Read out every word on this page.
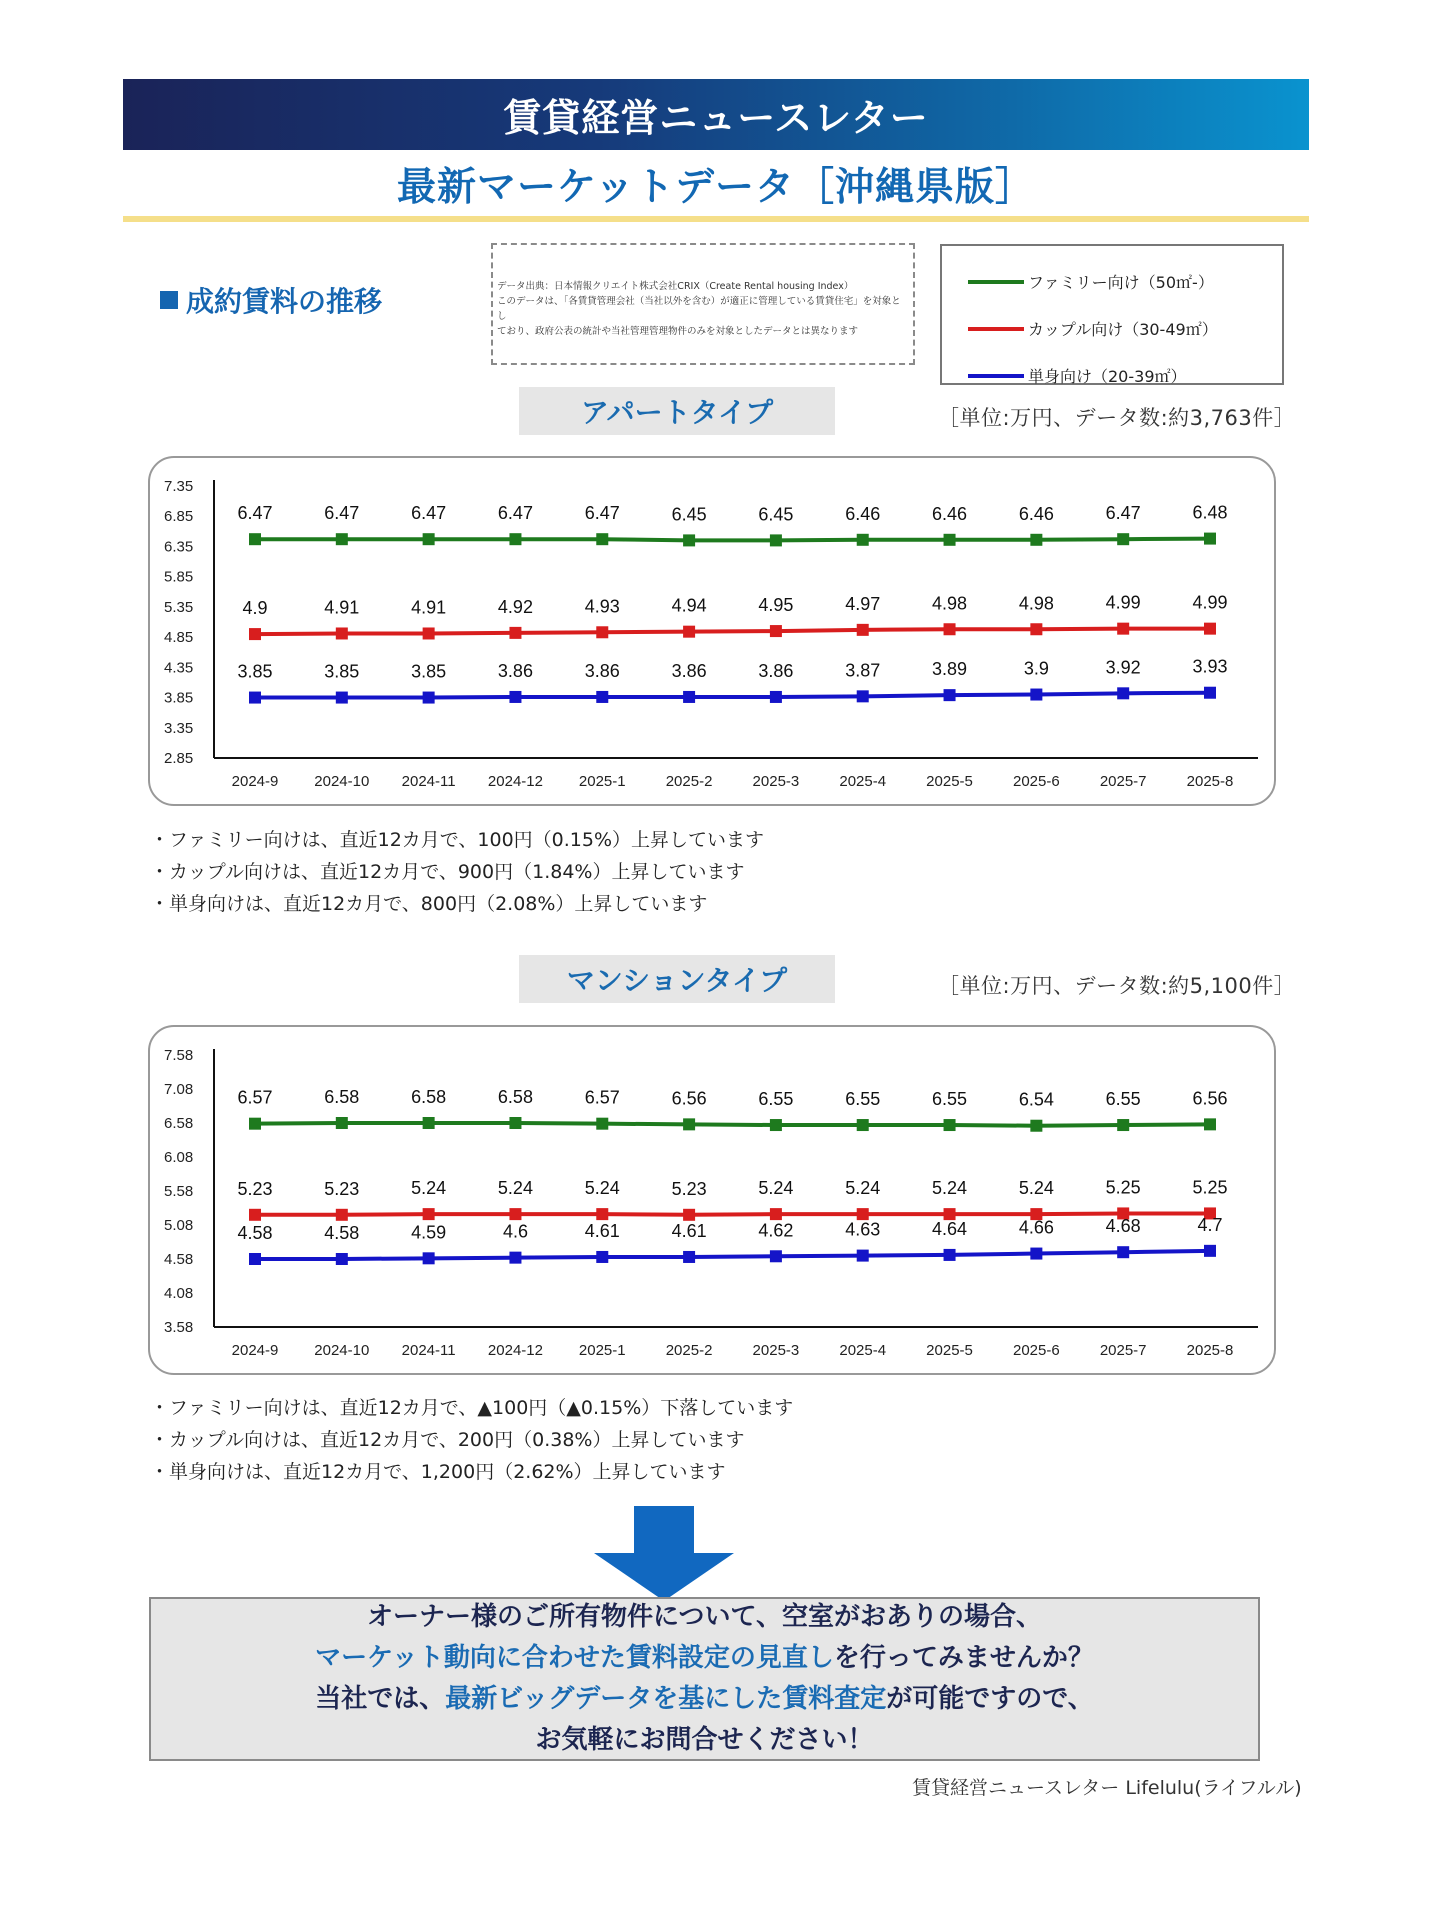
賃貸経営ニュースレター
最新マーケットデータ［沖縄県版］
成約賃料の推移	データ出典：日本情報クリエイト株式会社CRIX（Create Rental housing Index）
このデータは、「各賃貸管理会社（当社以外を含む）が適正に管理している賃貸住宅」を対象とし
ており、政府公表の統計や当社管理管理物件のみを対象としたデータとは異なります
ファミリー向け（50㎡-）
カップル向け（30-49㎡）
単身向け（20-39㎡）
アパートタイプ	［単位:万円、データ数:約3,763件］
7.35
6.85
6.35
5.85
5.35
4.85
4.35
3.85
3.35
2.85
2024-9 2024-10 2024-11 2024-12 2025-1	2025-2	2025-3	2025-4	2025-5	2025-6	2025-7	2025-8
6.47	6.47	6.47	6.47	6.47	6.45	6.45	6.46	6.46	6.46	6.47	6.48
4.9	4.91	4.91	4.92	4.93	4.94	4.95	4.97	4.98	4.98	4.99	4.99
3.85	3.85	3.85	3.86	3.86	3.86	3.86	3.87	3.89	3.9	3.92	3.93
・ファミリー向けは、直近12カ月で、100円（0.15%）上昇しています
・カップル向けは、直近12カ月で、900円（1.84%）上昇しています
・単身向けは、直近12カ月で、800円（2.08%）上昇しています
マンションタイプ	［単位:万円、データ数:約5,100件］
7.58
7.08
6.58
6.08
5.58
5.08
4.58
4.08
3.58
2024-9 2024-10 2024-11 2024-12 2025-1	2025-2	2025-3	2025-4	2025-5	2025-6	2025-7	2025-8
6.57	6.58	6.58	6.58	6.57	6.56	6.55	6.55	6.55	6.54	6.55	6.56
5.23	5.23	5.24	5.24	5.24	5.23	5.24	5.24	5.24	5.24	5.25	5.25
4.58	4.58	4.59	4.6	4.61	4.61	4.62	4.63	4.64	4.66	4.68	4.7
・ファミリー向けは、直近12カ月で、▲100円（▲0.15%）下落しています
・カップル向けは、直近12カ月で、200円（0.38%）上昇しています
・単身向けは、直近12カ月で、1,200円（2.62%）上昇しています
オーナー様のご所有物件について、空室がおありの場合、
マーケット動向に合わせた賃料設定の見直しを行ってみませんか？
当社では、最新ビッグデータを基にした賃料査定が可能ですので、
お気軽にお問合せください！
賃貸経営ニュースレター Lifelulu(ライフルル)
